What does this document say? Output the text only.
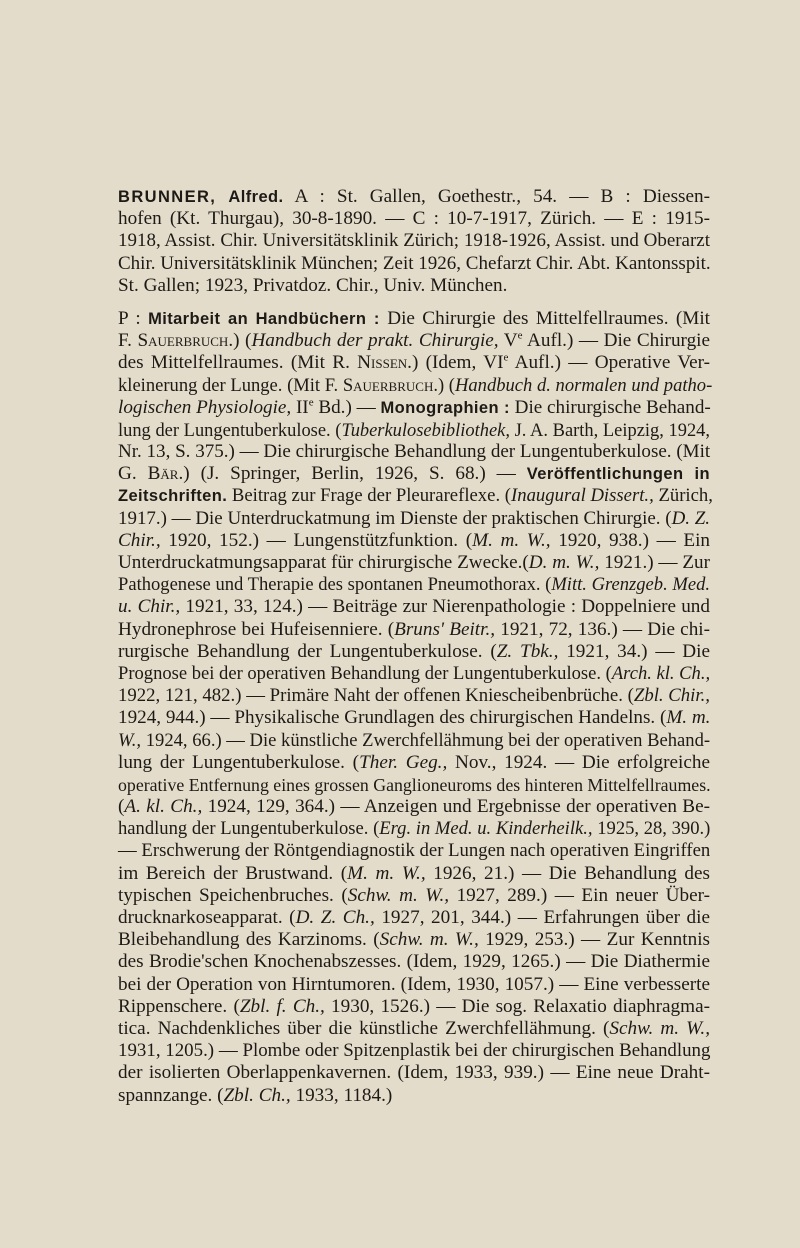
BRUNNER, Alfred. A : St. Gallen, Goethestr., 54. — B : Diessen-
hofen (Kt. Thurgau), 30-8-1890. — C : 10-7-1917, Zürich. — E : 1915-
1918, Assist. Chir. Universitätsklinik Zürich; 1918-1926, Assist. und Oberarzt
Chir. Universitätsklinik München; Zeit 1926, Chefarzt Chir. Abt. Kantonsspit.
St. Gallen; 1923, Privatdoz. Chir., Univ. München.
P : Mitarbeit an Handbüchern : Die Chirurgie des Mittelfellraumes. (Mit
F. Sauerbruch.) (Handbuch der prakt. Chirurgie, Ve Aufl.) — Die Chirurgie
des Mittelfellraumes. (Mit R. Nissen.) (Idem, VIe Aufl.) — Operative Ver-
kleinerung der Lunge. (Mit F. Sauerbruch.) (Handbuch d. normalen und patho-
logischen Physiologie, IIe Bd.) — Monographien : Die chirurgische Behand-
lung der Lungentuberkulose. (Tuberkulosebibliothek, J. A. Barth, Leipzig, 1924,
Nr. 13, S. 375.) — Die chirurgische Behandlung der Lungentuberkulose. (Mit
G. Bär.) (J. Springer, Berlin, 1926, S. 68.) — Veröffentlichungen in
Zeitschriften. Beitrag zur Frage der Pleurareflexe. (Inaugural Dissert., Zürich,
1917.) — Die Unterdruckatmung im Dienste der praktischen Chirurgie. (D. Z.
Chir., 1920, 152.) — Lungenstützfunktion. (M. m. W., 1920, 938.) — Ein
Unterdruckatmungsapparat für chirurgische Zwecke.(D. m. W., 1921.) — Zur
Pathogenese und Therapie des spontanen Pneumothorax. (Mitt. Grenzgeb. Med.
u. Chir., 1921, 33, 124.) — Beiträge zur Nierenpathologie : Doppelniere und
Hydronephrose bei Hufeisenniere. (Bruns' Beitr., 1921, 72, 136.) — Die chi-
rurgische Behandlung der Lungentuberkulose. (Z. Tbk., 1921, 34.) — Die
Prognose bei der operativen Behandlung der Lungentuberkulose. (Arch. kl. Ch.,
1922, 121, 482.) — Primäre Naht der offenen Kniescheibenbrüche. (Zbl. Chir.,
1924, 944.) — Physikalische Grundlagen des chirurgischen Handelns. (M. m.
W., 1924, 66.) — Die künstliche Zwerchfellähmung bei der operativen Behand-
lung der Lungentuberkulose. (Ther. Geg., Nov., 1924. — Die erfolgreiche
operative Entfernung eines grossen Ganglioneuroms des hinteren Mittelfellraumes.
(A. kl. Ch., 1924, 129, 364.) — Anzeigen und Ergebnisse der operativen Be-
handlung der Lungentuberkulose. (Erg. in Med. u. Kinderheilk., 1925, 28, 390.)
— Erschwerung der Röntgendiagnostik der Lungen nach operativen Eingriffen
im Bereich der Brustwand. (M. m. W., 1926, 21.) — Die Behandlung des
typischen Speichenbruches. (Schw. m. W., 1927, 289.) — Ein neuer Über-
drucknarkoseapparat. (D. Z. Ch., 1927, 201, 344.) — Erfahrungen über die
Bleibehandlung des Karzinoms. (Schw. m. W., 1929, 253.) — Zur Kenntnis
des Brodie'schen Knochenabszesses. (Idem, 1929, 1265.) — Die Diathermie
bei der Operation von Hirntumoren. (Idem, 1930, 1057.) — Eine verbesserte
Rippenschere. (Zbl. f. Ch., 1930, 1526.) — Die sog. Relaxatio diaphragma-
tica. Nachdenkliches über die künstliche Zwerchfellähmung. (Schw. m. W.,
1931, 1205.) — Plombe oder Spitzenplastik bei der chirurgischen Behandlung
der isolierten Oberlappenkavernen. (Idem, 1933, 939.) — Eine neue Draht-
spannzange. (Zbl. Ch., 1933, 1184.)
